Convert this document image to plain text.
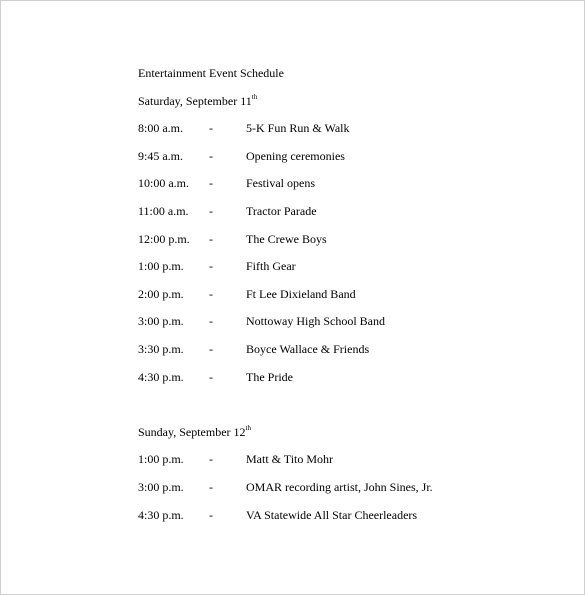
Entertainment Event Schedule
Saturday, September 11th
8:00 a.m. -	5-K Fun Run & Walk
9:45 a.m. -	Opening ceremonies
10:00 a.m. -	Festival opens
11:00 a.m. -	Tractor Parade
12:00 p.m. -	The Crewe Boys
1:00 p.m. -	Fifth Gear
2:00 p.m. -	Ft Lee Dixieland Band
3:00 p.m. -	Nottoway High School Band
3:30 p.m. -	Boyce Wallace & Friends
4:30 p.m. -	The Pride
Sunday, September 12th
1:00 p.m. -	Matt & Tito Mohr
3:00 p.m. -	OMAR recording artist, John Sines, Jr.
4:30 p.m. -	VA Statewide All Star Cheerleaders
